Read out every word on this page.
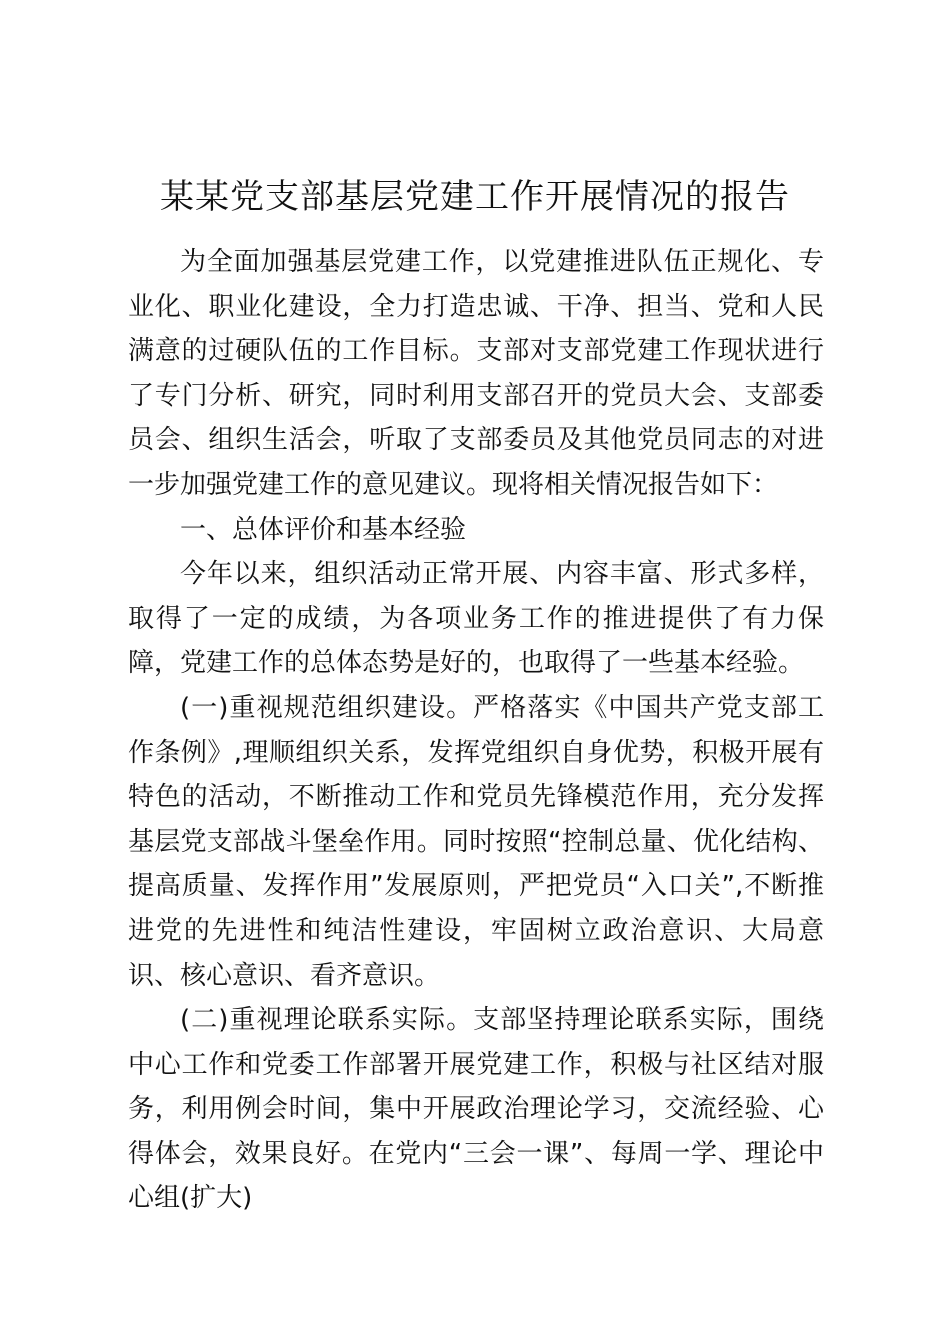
某某党支部基层党建工作开展情况的报告

为全面加强基层党建工作，以党建推进队伍正规化、专业化、职业化建设，全力打造忠诚、干净、担当、党和人民满意的过硬队伍的工作目标。支部对支部党建工作现状进行了专门分析、研究，同时利用支部召开的党员大会、支部委员会、组织生活会，听取了支部委员及其他党员同志的对进一步加强党建工作的意见建议。现将相关情况报告如下：

一、总体评价和基本经验

今年以来，组织活动正常开展、内容丰富、形式多样，取得了一定的成绩，为各项业务工作的推进提供了有力保障，党建工作的总体态势是好的，也取得了一些基本经验。

(一)重视规范组织建设。严格落实《中国共产党支部工作条例》,理顺组织关系，发挥党组织自身优势，积极开展有特色的活动，不断推动工作和党员先锋模范作用，充分发挥基层党支部战斗堡垒作用。同时按照“控制总量、优化结构、提高质量、发挥作用”发展原则，严把党员“入口关”,不断推进党的先进性和纯洁性建设，牢固树立政治意识、大局意识、核心意识、看齐意识。

(二)重视理论联系实际。支部坚持理论联系实际，围绕中心工作和党委工作部署开展党建工作，积极与社区结对服务，利用例会时间，集中开展政治理论学习，交流经验、心得体会，效果良好。在党内“三会一课”、每周一学、理论中心组(扩大)
